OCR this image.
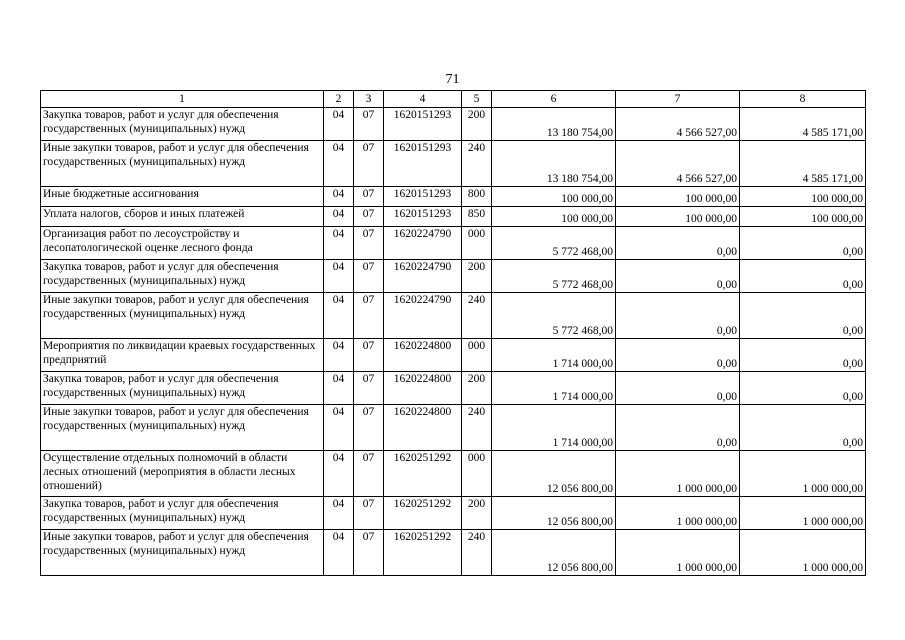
71
1	2	3	4	5	6	7	8
Закупка товаров, работ и услуг для обеспечения государственных (муниципальных) нужд	04	07	1620151293	200	13 180 754,00	4 566 527,00	4 585 171,00
Иные закупки товаров, работ и услуг для обеспечения государственных (муниципальных) нужд	04	07	1620151293	240	13 180 754,00	4 566 527,00	4 585 171,00
Иные бюджетные ассигнования	04	07	1620151293	800	100 000,00	100 000,00	100 000,00
Уплата налогов, сборов и иных платежей	04	07	1620151293	850	100 000,00	100 000,00	100 000,00
Организация работ по лесоустройству и лесопатологической оценке лесного фонда	04	07	1620224790	000	5 772 468,00	0,00	0,00
Закупка товаров, работ и услуг для обеспечения государственных (муниципальных) нужд	04	07	1620224790	200	5 772 468,00	0,00	0,00
Иные закупки товаров, работ и услуг для обеспечения государственных (муниципальных) нужд	04	07	1620224790	240	5 772 468,00	0,00	0,00
Мероприятия по ликвидации краевых государственных предприятий	04	07	1620224800	000	1 714 000,00	0,00	0,00
Закупка товаров, работ и услуг для обеспечения государственных (муниципальных) нужд	04	07	1620224800	200	1 714 000,00	0,00	0,00
Иные закупки товаров, работ и услуг для обеспечения государственных (муниципальных) нужд	04	07	1620224800	240	1 714 000,00	0,00	0,00
Осуществление отдельных полномочий в области лесных отношений (мероприятия в области лесных отношений)	04	07	1620251292	000	12 056 800,00	1 000 000,00	1 000 000,00
Закупка товаров, работ и услуг для обеспечения государственных (муниципальных) нужд	04	07	1620251292	200	12 056 800,00	1 000 000,00	1 000 000,00
Иные закупки товаров, работ и услуг для обеспечения государственных (муниципальных) нужд	04	07	1620251292	240	12 056 800,00	1 000 000,00	1 000 000,00
